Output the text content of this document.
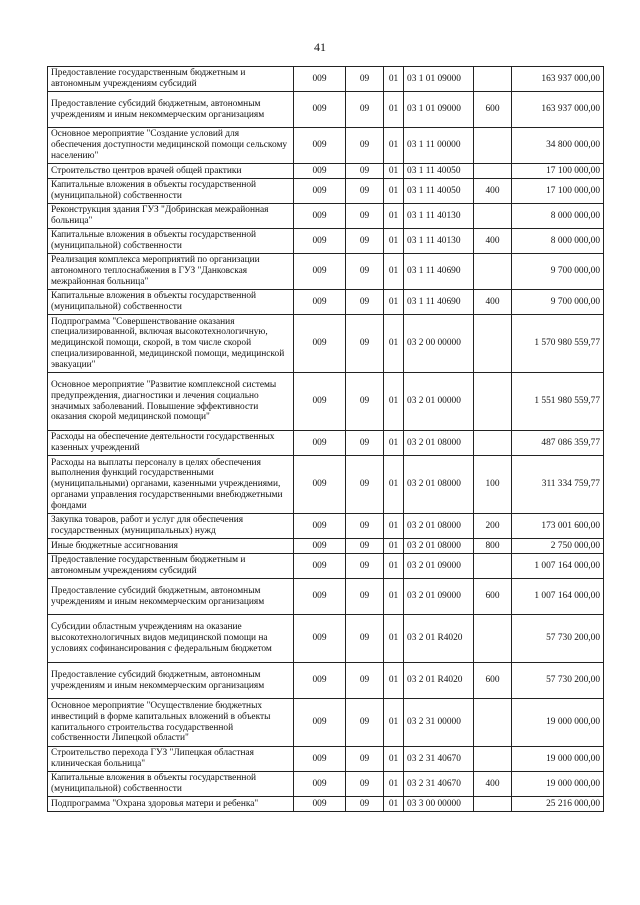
41
Предоставление государственным бюджетным и автономным учреждениям субсидий	009	09	01	03 1 01 09000		163 937 000,00
Предоставление субсидий бюджетным, автономным учреждениям и иным некоммерческим организациям	009	09	01	03 1 01 09000	600	163 937 000,00
Основное мероприятие "Создание условий для обеспечения доступности медицинской помощи сельскому населению"	009	09	01	03 1 11 00000		34 800 000,00
Строительство центров врачей общей практики	009	09	01	03 1 11 40050		17 100 000,00
Капитальные вложения в объекты государственной (муниципальной) собственности	009	09	01	03 1 11 40050	400	17 100 000,00
Реконструкция здания ГУЗ "Добринская межрайонная больница"	009	09	01	03 1 11 40130		8 000 000,00
Капитальные вложения в объекты государственной (муниципальной) собственности	009	09	01	03 1 11 40130	400	8 000 000,00
Реализация комплекса мероприятий по организации автономного теплоснабжения в ГУЗ "Данковская межрайонная больница"	009	09	01	03 1 11 40690		9 700 000,00
Капитальные вложения в объекты государственной (муниципальной) собственности	009	09	01	03 1 11 40690	400	9 700 000,00
Подпрограмма "Совершенствование оказания специализированной, включая высокотехнологичную, медицинской помощи, скорой, в том числе скорой специализированной, медицинской помощи, медицинской эвакуации"	009	09	01	03 2 00 00000		1 570 980 559,77
Основное мероприятие "Развитие комплексной системы предупреждения, диагностики и лечения социально значимых заболеваний. Повышение эффективности оказания скорой медицинской помощи"	009	09	01	03 2 01 00000		1 551 980 559,77
Расходы на обеспечение деятельности государственных казенных учреждений	009	09	01	03 2 01 08000		487 086 359,77
Расходы на выплаты персоналу в целях обеспечения выполнения функций государственными (муниципальными) органами, казенными учреждениями, органами управления государственными внебюджетными фондами	009	09	01	03 2 01 08000	100	311 334 759,77
Закупка товаров, работ и услуг для обеспечения государственных (муниципальных) нужд	009	09	01	03 2 01 08000	200	173 001 600,00
Иные бюджетные ассигнования	009	09	01	03 2 01 08000	800	2 750 000,00
Предоставление государственным бюджетным и автономным учреждениям субсидий	009	09	01	03 2 01 09000		1 007 164 000,00
Предоставление субсидий бюджетным, автономным учреждениям и иным некоммерческим организациям	009	09	01	03 2 01 09000	600	1 007 164 000,00
Субсидии областным учреждениям на оказание высокотехнологичных видов медицинской помощи на условиях софинансирования с федеральным бюджетом	009	09	01	03 2 01 R4020		57 730 200,00
Предоставление субсидий бюджетным, автономным учреждениям и иным некоммерческим организациям	009	09	01	03 2 01 R4020	600	57 730 200,00
Основное мероприятие "Осуществление бюджетных инвестиций в форме капитальных вложений в объекты капитального строительства государственной собственности Липецкой области"	009	09	01	03 2 31 00000		19 000 000,00
Строительство перехода ГУЗ "Липецкая областная клиническая больница"	009	09	01	03 2 31 40670		19 000 000,00
Капитальные вложения в объекты государственной (муниципальной) собственности	009	09	01	03 2 31 40670	400	19 000 000,00
Подпрограмма "Охрана здоровья матери и ребенка"	009	09	01	03 3 00 00000		25 216 000,00
